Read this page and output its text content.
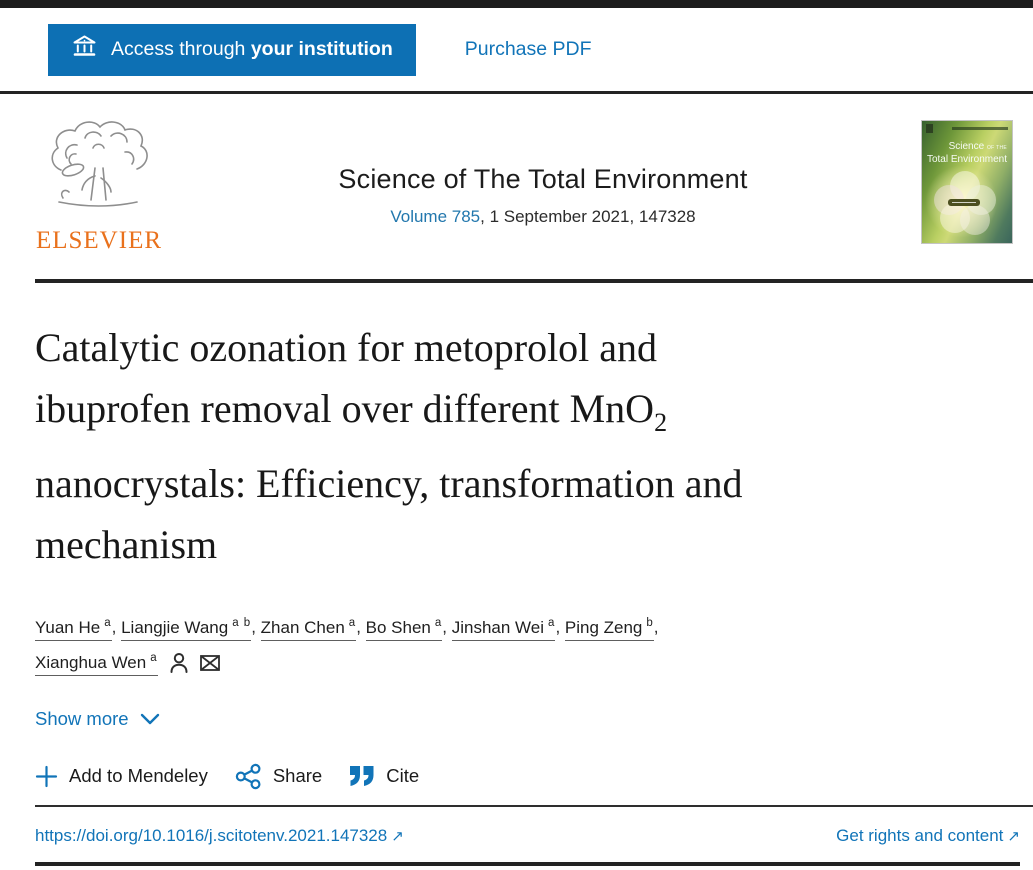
Access through your institution	Purchase PDF
ELSEVIER
Science of The Total Environment
Volume 785, 1 September 2021, 147328
Science OF THE
Total Environment
Catalytic ozonation for metoprolol and
ibuprofen removal over different MnO$_2$
nanocrystals: Efficiency, transformation and
mechanism
Yuan He $^a$, Liangjie Wang $^{a b}$, Zhan Chen $^a$, Bo Shen $^a$, Jinshan Wei $^a$, Ping Zeng $^b$,
Xianghua Wen $^a$
Show more
Add to Mendeley	Share	Cite
https://doi.org/10.1016/j.scitotenv.2021.147328 ↗	Get rights and content ↗
